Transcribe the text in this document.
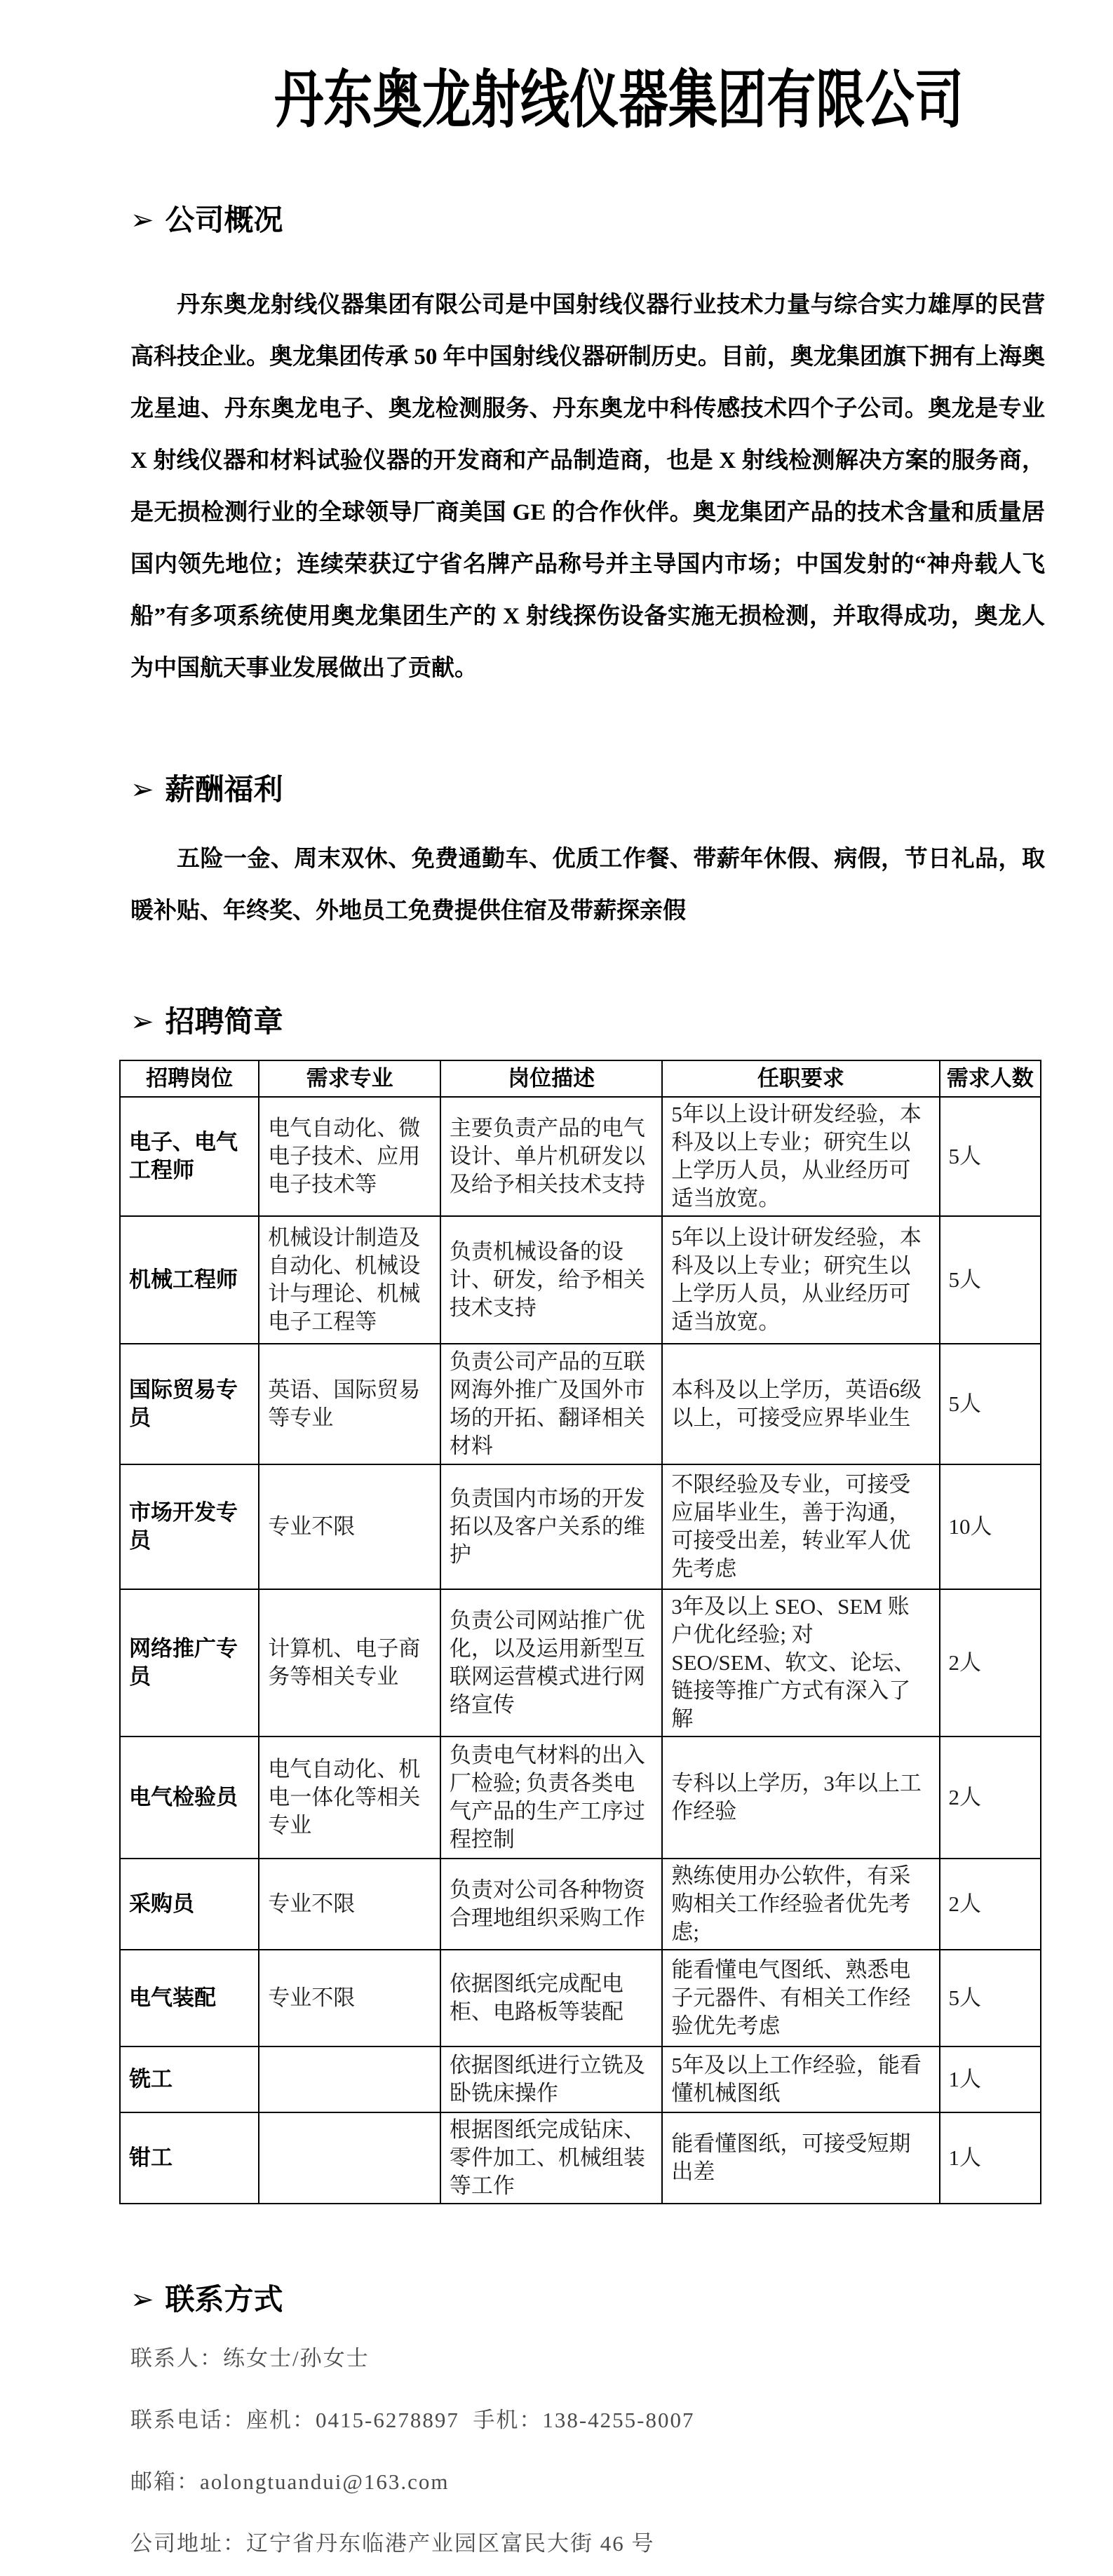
丹东奥龙射线仪器集团有限公司
➢ 公司概况

丹东奥龙射线仪器集团有限公司是中国射线仪器行业技术力量与综合实力雄厚的民营高科技企业。奥龙集团传承 50 年中国射线仪器研制历史。目前，奥龙集团旗下拥有上海奥龙星迪、丹东奥龙电子、奥龙检测服务、丹东奥龙中科传感技术四个子公司。奥龙是专业 X 射线仪器和材料试验仪器的开发商和产品制造商，也是 X 射线检测解决方案的服务商，是无损检测行业的全球领导厂商美国 GE 的合作伙伴。奥龙集团产品的技术含量和质量居国内领先地位；连续荣获辽宁省名牌产品称号并主导国内市场；中国发射的“神舟载人飞船”有多项系统使用奥龙集团生产的 X 射线探伤设备实施无损检测，并取得成功，奥龙人为中国航天事业发展做出了贡献。

➢ 薪酬福利

五险一金、周末双休、免费通勤车、优质工作餐、带薪年休假、病假，节日礼品，取暖补贴、年终奖、外地员工免费提供住宿及带薪探亲假

➢ 招聘简章
招聘岗位	需求专业	岗位描述	任职要求	需求人数
电子、电气工程师	电气自动化、微电子技术、应用电子技术等	主要负责产品的电气设计、单片机研发以及给予相关技术支持	5年以上设计研发经验，本科及以上专业；研究生以上学历人员，从业经历可适当放宽。	5人
机械工程师	机械设计制造及自动化、机械设计与理论、机械电子工程等	负责机械设备的设计、研发，给予相关技术支持	5年以上设计研发经验，本科及以上专业；研究生以上学历人员，从业经历可适当放宽。	5人
国际贸易专员	英语、国际贸易等专业	负责公司产品的互联网海外推广及国外市场的开拓、翻译相关材料	本科及以上学历，英语6级以上，可接受应界毕业生	5人
市场开发专员	专业不限	负责国内市场的开发拓以及客户关系的维护	不限经验及专业，可接受应届毕业生，善于沟通，可接受出差，转业军人优先考虑	10人
网络推广专员	计算机、电子商务等相关专业	负责公司网站推广优化，以及运用新型互联网运营模式进行网络宣传	3年及以上 SEO、SEM 账户优化经验; 对 SEO/SEM、软文、论坛、链接等推广方式有深入了解	2人
电气检验员	电气自动化、机电一体化等相关专业	负责电气材料的出入厂检验; 负责各类电气产品的生产工序过程控制	专科以上学历，3年以上工作经验	2人
采购员	专业不限	负责对公司各种物资合理地组织采购工作	熟练使用办公软件，有采购相关工作经验者优先考虑;	2人
电气装配	专业不限	依据图纸完成配电柜、电路板等装配	能看懂电气图纸、熟悉电子元器件、有相关工作经验优先考虑	5人
铣工		依据图纸进行立铣及卧铣床操作	5年及以上工作经验，能看懂机械图纸	1人
钳工		根据图纸完成钻床、零件加工、机械组装等工作	能看懂图纸，可接受短期出差	1人
➢ 联系方式
联系人：练女士/孙女士
联系电话：座机：0415-6278897  手机：138-4255-8007
邮箱：aolongtuandui@163.com
公司地址：辽宁省丹东临港产业园区富民大街 46 号
